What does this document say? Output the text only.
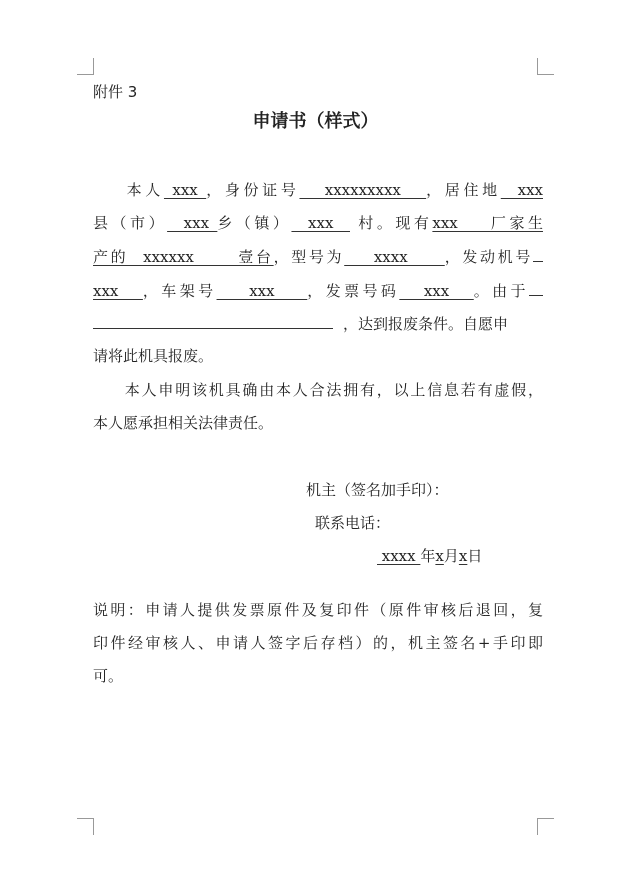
附件 3
申请书（样式）
本人 xxx ，身份证号   xxxxxxxxx   ，居住地  xxx
县（市）  xxx 乡（镇）  xxx   村。现有xxx    厂家生
产的  xxxxxx      壹台，型号为    xxxx     ，发动机号
xxx   ，车架号    xxx    ，发票号码   xxx   。由于
，达到报废条件。自愿申
请将此机具报废。
本人申明该机具确由本人合法拥有，以上信息若有虚假，
本人愿承担相关法律责任。
机主（签名加手印）：
联系电话：
xxxx 年x月x日
说明：申请人提供发票原件及复印件（原件审核后退回，复
印件经审核人、申请人签字后存档）的，机主签名+手印即
可。
